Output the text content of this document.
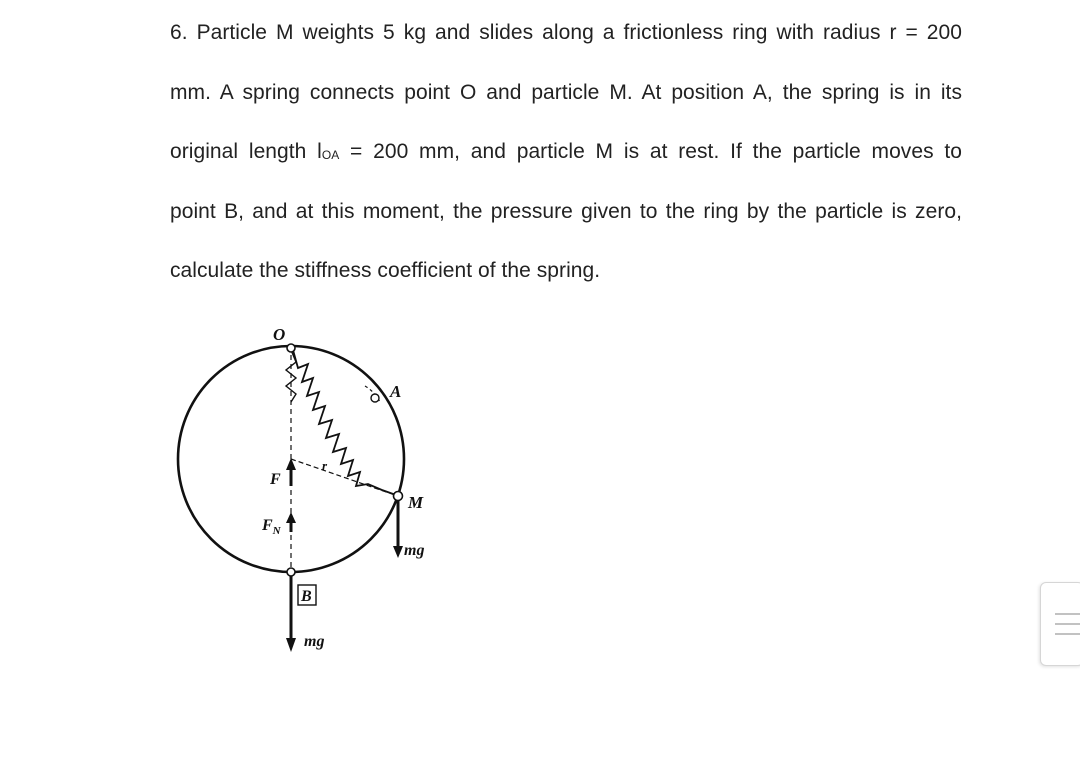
6. Particle M weights 5 kg and slides along a frictionless ring with radius r = 200
mm. A spring connects point O and particle M. At position A, the spring is in its
original length lOA = 200 mm, and particle M is at rest. If the particle moves to
point B, and at this moment, the pressure given to the ring by the particle is zero,
calculate the stiffness coefficient of the spring.
O
A
M
F
$F_N$
B
r
mg
mg
